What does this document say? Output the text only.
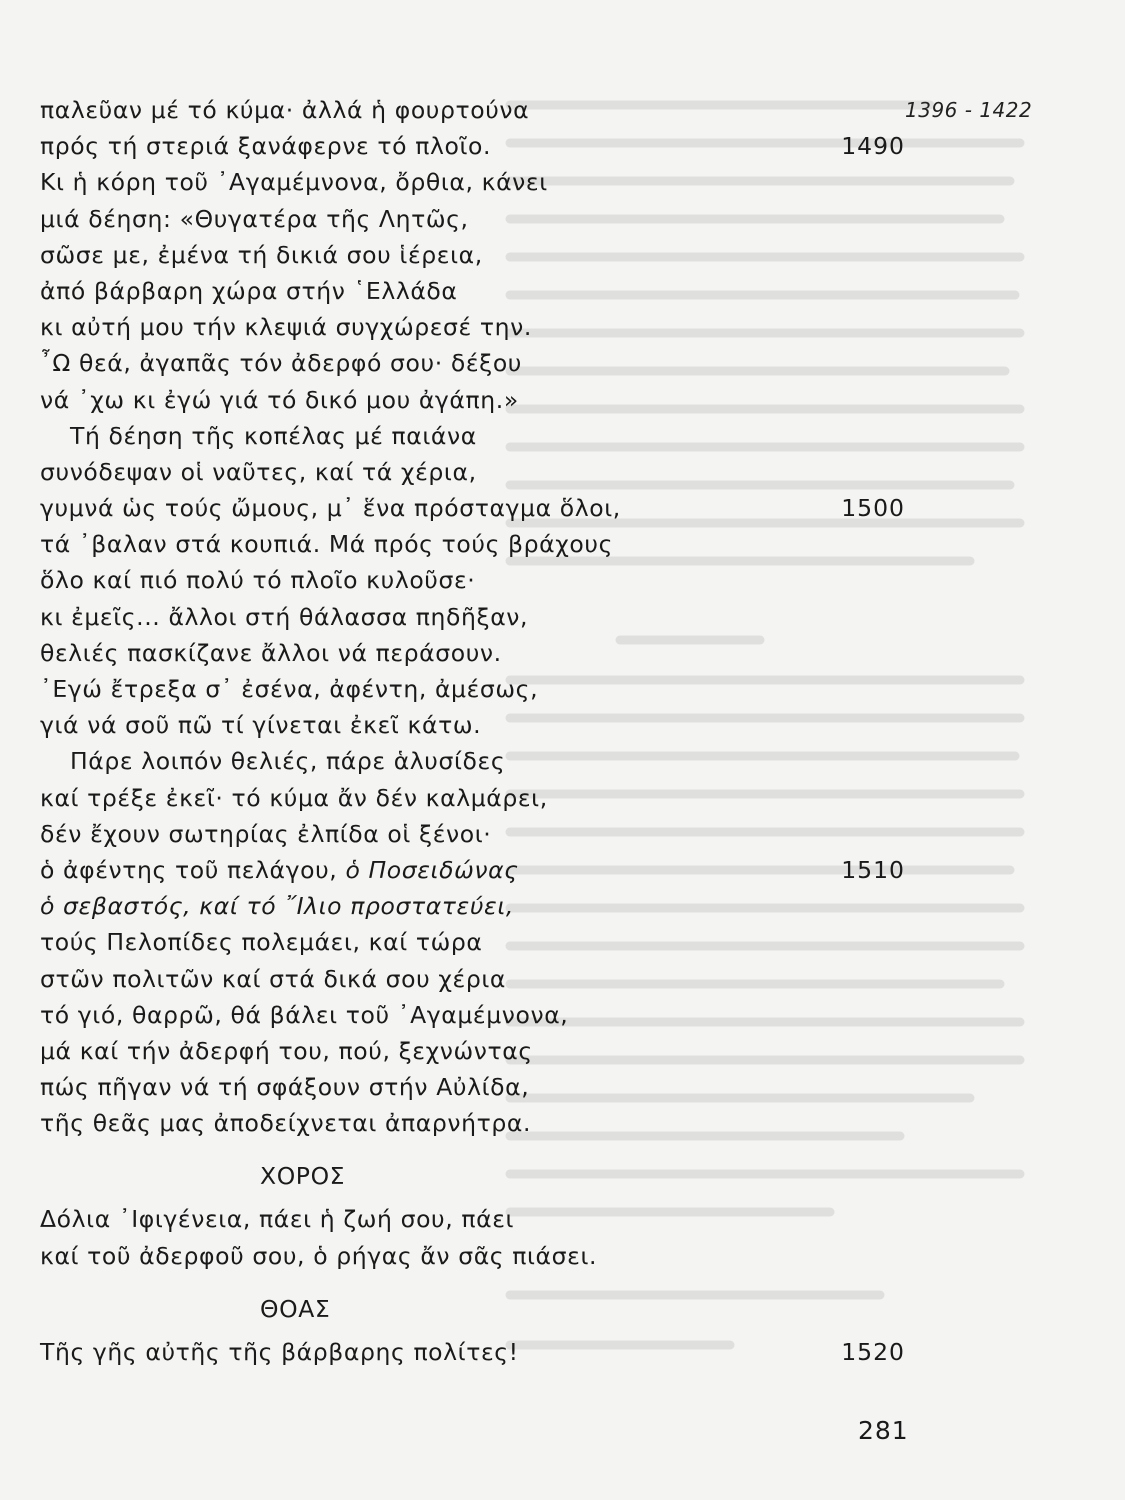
1396 - 1422
παλεῦαν μέ τό κύμα· ἀλλά ἡ φουρτούνα
πρός τή στεριά ξανάφερνε τό πλοῖο.	1490
Κι ἡ κόρη τοῦ ᾽Αγαμέμνονα, ὄρθια, κάνει
μιά δέηση: «Θυγατέρα τῆς Λητῶς,
σῶσε με, ἐμένα τή δικιά σου ἱέρεια,
ἀπό βάρβαρη χώρα στήν ῾Ελλάδα
κι αὐτή μου τήν κλεψιά συγχώρεσέ την.
῏Ω θεά, ἀγαπᾶς τόν ἀδερφό σου· δέξου
νά ᾽χω κι ἐγώ γιά τό δικό μου ἀγάπη.»
Τή δέηση τῆς κοπέλας μέ παιάνα
συνόδεψαν οἱ ναῦτες, καί τά χέρια,
γυμνά ὡς τούς ὤμους, μ᾽ ἕνα πρόσταγμα ὅλοι,	1500
τά ᾽βαλαν στά κουπιά. Μά πρός τούς βράχους
ὅλο καί πιό πολύ τό πλοῖο κυλοῦσε·
κι ἐμεῖς... ἄλλοι στή θάλασσα πηδῆξαν,
θελιές πασκίζανε ἄλλοι νά περάσουν.
᾽Εγώ ἔτρεξα σ᾽ ἐσένα, ἀφέντη, ἀμέσως,
γιά νά σοῦ πῶ τί γίνεται ἐκεῖ κάτω.
Πάρε λοιπόν θελιές, πάρε ἁλυσίδες
καί τρέξε ἐκεῖ· τό κύμα ἄν δέν καλμάρει,
δέν ἔχουν σωτηρίας ἐλπίδα οἱ ξένοι·
ὁ ἀφέντης τοῦ πελάγου, ὁ Ποσειδώνας	1510
ὁ σεβαστός, καί τό ῎Ιλιο προστατεύει,
τούς Πελοπίδες πολεμάει, καί τώρα
στῶν πολιτῶν καί στά δικά σου χέρια
τό γιό, θαρρῶ, θά βάλει τοῦ ᾽Αγαμέμνονα,
μά καί τήν ἀδερφή του, πού, ξεχνώντας
πώς πῆγαν νά τή σφάξουν στήν Αὐλίδα,
τῆς θεᾶς μας ἀποδείχνεται ἀπαρνήτρα.
ΧΟΡΟΣ
Δόλια ᾽Ιφιγένεια, πάει ἡ ζωή σου, πάει
καί τοῦ ἀδερφοῦ σου, ὁ ρήγας ἄν σᾶς πιάσει.
ΘΟΑΣ
Τῆς γῆς αὐτῆς τῆς βάρβαρης πολίτες!	1520
281
